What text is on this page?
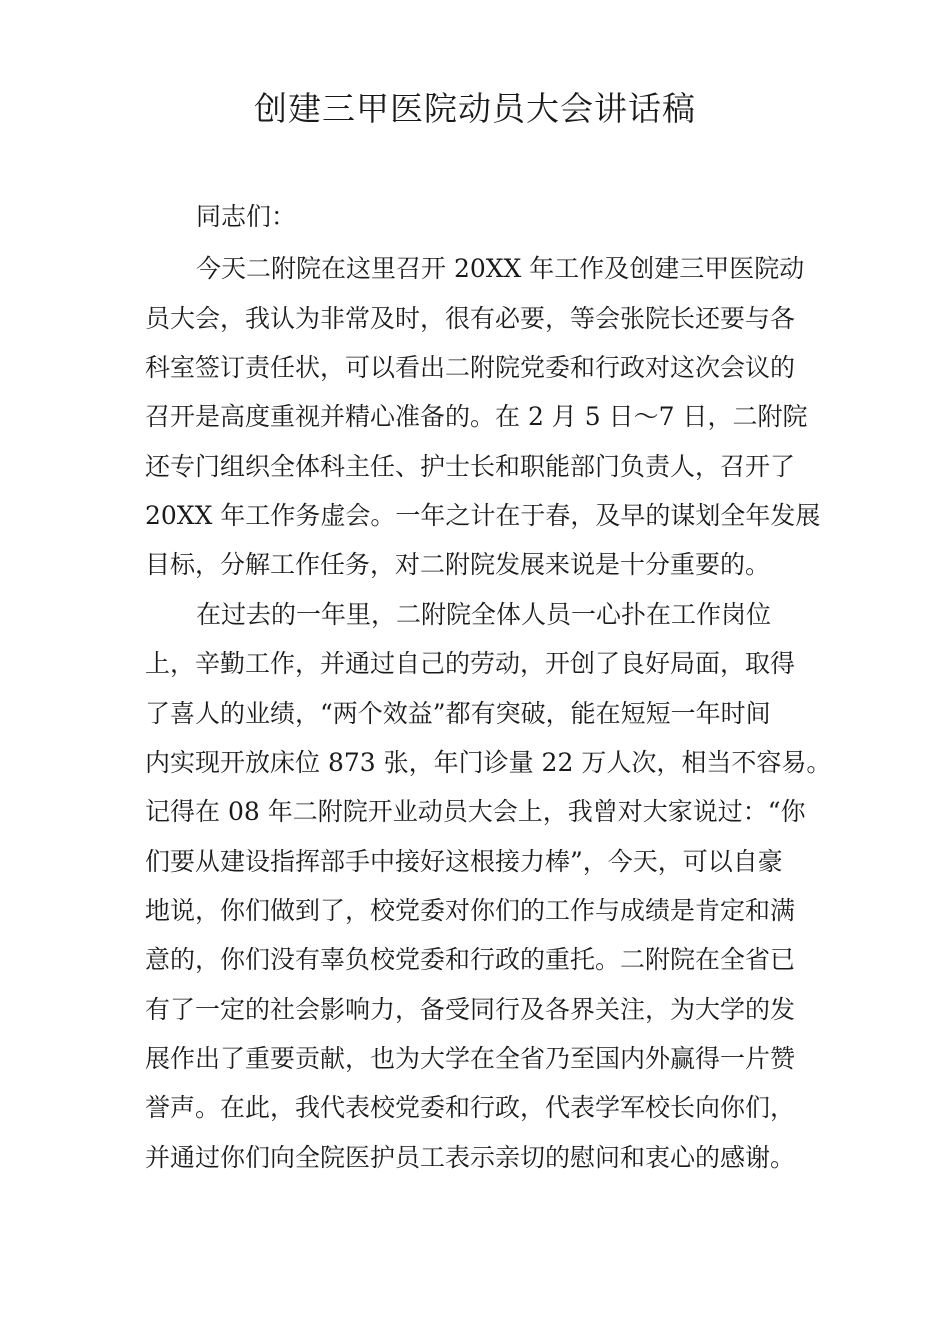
创建三甲医院动员大会讲话稿
同志们：
今天二附院在这里召开 20XX 年工作及创建三甲医院动
员大会，我认为非常及时，很有必要，等会张院长还要与各
科室签订责任状，可以看出二附院党委和行政对这次会议的
召开是高度重视并精心准备的。在 2 月 5 日～7 日，二附院
还专门组织全体科主任、护士长和职能部门负责人，召开了
20XX 年工作务虚会。一年之计在于春，及早的谋划全年发展
目标，分解工作任务，对二附院发展来说是十分重要的。
在过去的一年里，二附院全体人员一心扑在工作岗位
上，辛勤工作，并通过自己的劳动，开创了良好局面，取得
了喜人的业绩，“两个效益”都有突破，能在短短一年时间
内实现开放床位 873 张，年门诊量 22 万人次，相当不容易。
记得在 08 年二附院开业动员大会上，我曾对大家说过：“你
们要从建设指挥部手中接好这根接力棒”，今天，可以自豪
地说，你们做到了，校党委对你们的工作与成绩是肯定和满
意的，你们没有辜负校党委和行政的重托。二附院在全省已
有了一定的社会影响力，备受同行及各界关注，为大学的发
展作出了重要贡献，也为大学在全省乃至国内外赢得一片赞
誉声。在此，我代表校党委和行政，代表学军校长向你们，
并通过你们向全院医护员工表示亲切的慰问和衷心的感谢。
